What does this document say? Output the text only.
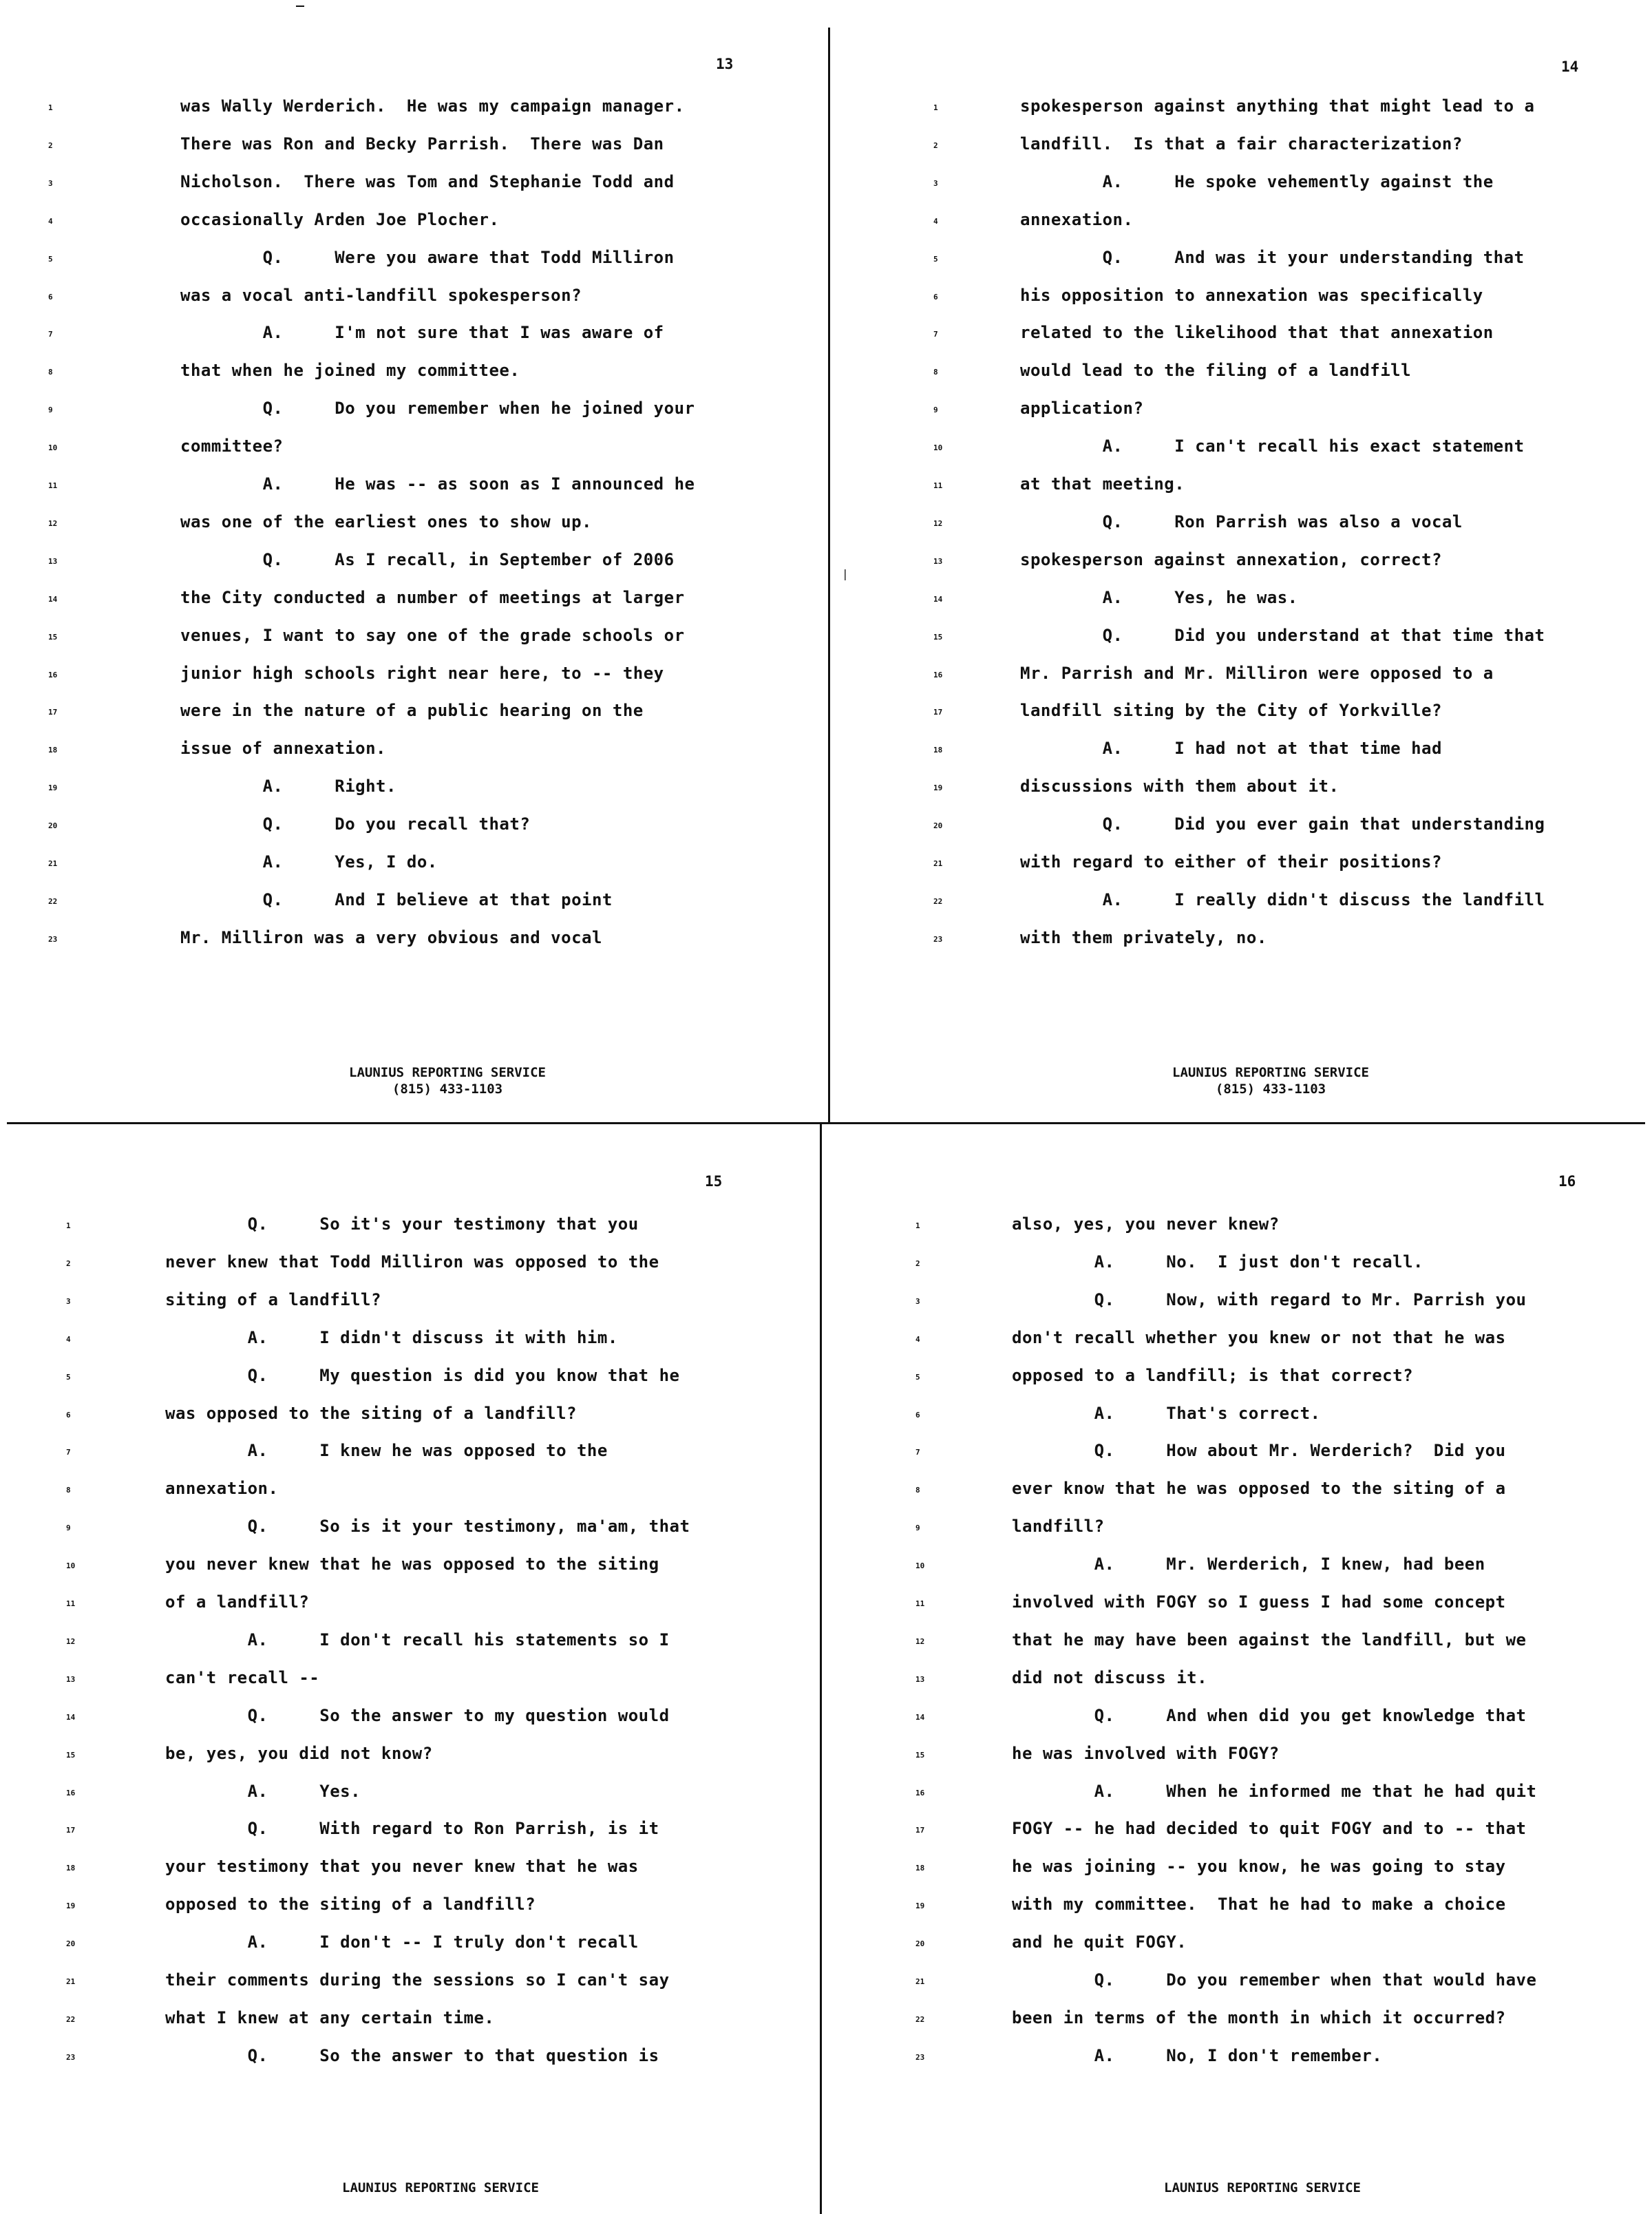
13
1	was Wally Werderich.  He was my campaign manager.
2	There was Ron and Becky Parrish.  There was Dan
3	Nicholson.  There was Tom and Stephanie Todd and
4	occasionally Arden Joe Plocher.
5	Q.     Were you aware that Todd Milliron
6	was a vocal anti-landfill spokesperson?
7	A.     I'm not sure that I was aware of
8	that when he joined my committee.
9	Q.     Do you remember when he joined your
10	committee?
11	A.     He was -- as soon as I announced he
12	was one of the earliest ones to show up.
13	Q.     As I recall, in September of 2006
14	the City conducted a number of meetings at larger
15	venues, I want to say one of the grade schools or
16	junior high schools right near here, to -- they
17	were in the nature of a public hearing on the
18	issue of annexation.
19	A.     Right.
20	Q.     Do you recall that?
21	A.     Yes, I do.
22	Q.     And I believe at that point
23	Mr. Milliron was a very obvious and vocal
LAUNIUS REPORTING SERVICE
(815) 433-1103
14
1	spokesperson against anything that might lead to a
2	landfill.  Is that a fair characterization?
3	A.     He spoke vehemently against the
4	annexation.
5	Q.     And was it your understanding that
6	his opposition to annexation was specifically
7	related to the likelihood that that annexation
8	would lead to the filing of a landfill
9	application?
10	A.     I can't recall his exact statement
11	at that meeting.
12	Q.     Ron Parrish was also a vocal
13	spokesperson against annexation, correct?
14	A.     Yes, he was.
15	Q.     Did you understand at that time that
16	Mr. Parrish and Mr. Milliron were opposed to a
17	landfill siting by the City of Yorkville?
18	A.     I had not at that time had
19	discussions with them about it.
20	Q.     Did you ever gain that understanding
21	with regard to either of their positions?
22	A.     I really didn't discuss the landfill
23	with them privately, no.
LAUNIUS REPORTING SERVICE
(815) 433-1103
|
15
1	Q.     So it's your testimony that you
2	never knew that Todd Milliron was opposed to the
3	siting of a landfill?
4	A.     I didn't discuss it with him.
5	Q.     My question is did you know that he
6	was opposed to the siting of a landfill?
7	A.     I knew he was opposed to the
8	annexation.
9	Q.     So is it your testimony, ma'am, that
10	you never knew that he was opposed to the siting
11	of a landfill?
12	A.     I don't recall his statements so I
13	can't recall --
14	Q.     So the answer to my question would
15	be, yes, you did not know?
16	A.     Yes.
17	Q.     With regard to Ron Parrish, is it
18	your testimony that you never knew that he was
19	opposed to the siting of a landfill?
20	A.     I don't -- I truly don't recall
21	their comments during the sessions so I can't say
22	what I knew at any certain time.
23	Q.     So the answer to that question is
LAUNIUS REPORTING SERVICE
16
1	also, yes, you never knew?
2	A.     No.  I just don't recall.
3	Q.     Now, with regard to Mr. Parrish you
4	don't recall whether you knew or not that he was
5	opposed to a landfill; is that correct?
6	A.     That's correct.
7	Q.     How about Mr. Werderich?  Did you
8	ever know that he was opposed to the siting of a
9	landfill?
10	A.     Mr. Werderich, I knew, had been
11	involved with FOGY so I guess I had some concept
12	that he may have been against the landfill, but we
13	did not discuss it.
14	Q.     And when did you get knowledge that
15	he was involved with FOGY?
16	A.     When he informed me that he had quit
17	FOGY -- he had decided to quit FOGY and to -- that
18	he was joining -- you know, he was going to stay
19	with my committee.  That he had to make a choice
20	and he quit FOGY.
21	Q.     Do you remember when that would have
22	been in terms of the month in which it occurred?
23	A.     No, I don't remember.
LAUNIUS REPORTING SERVICE
